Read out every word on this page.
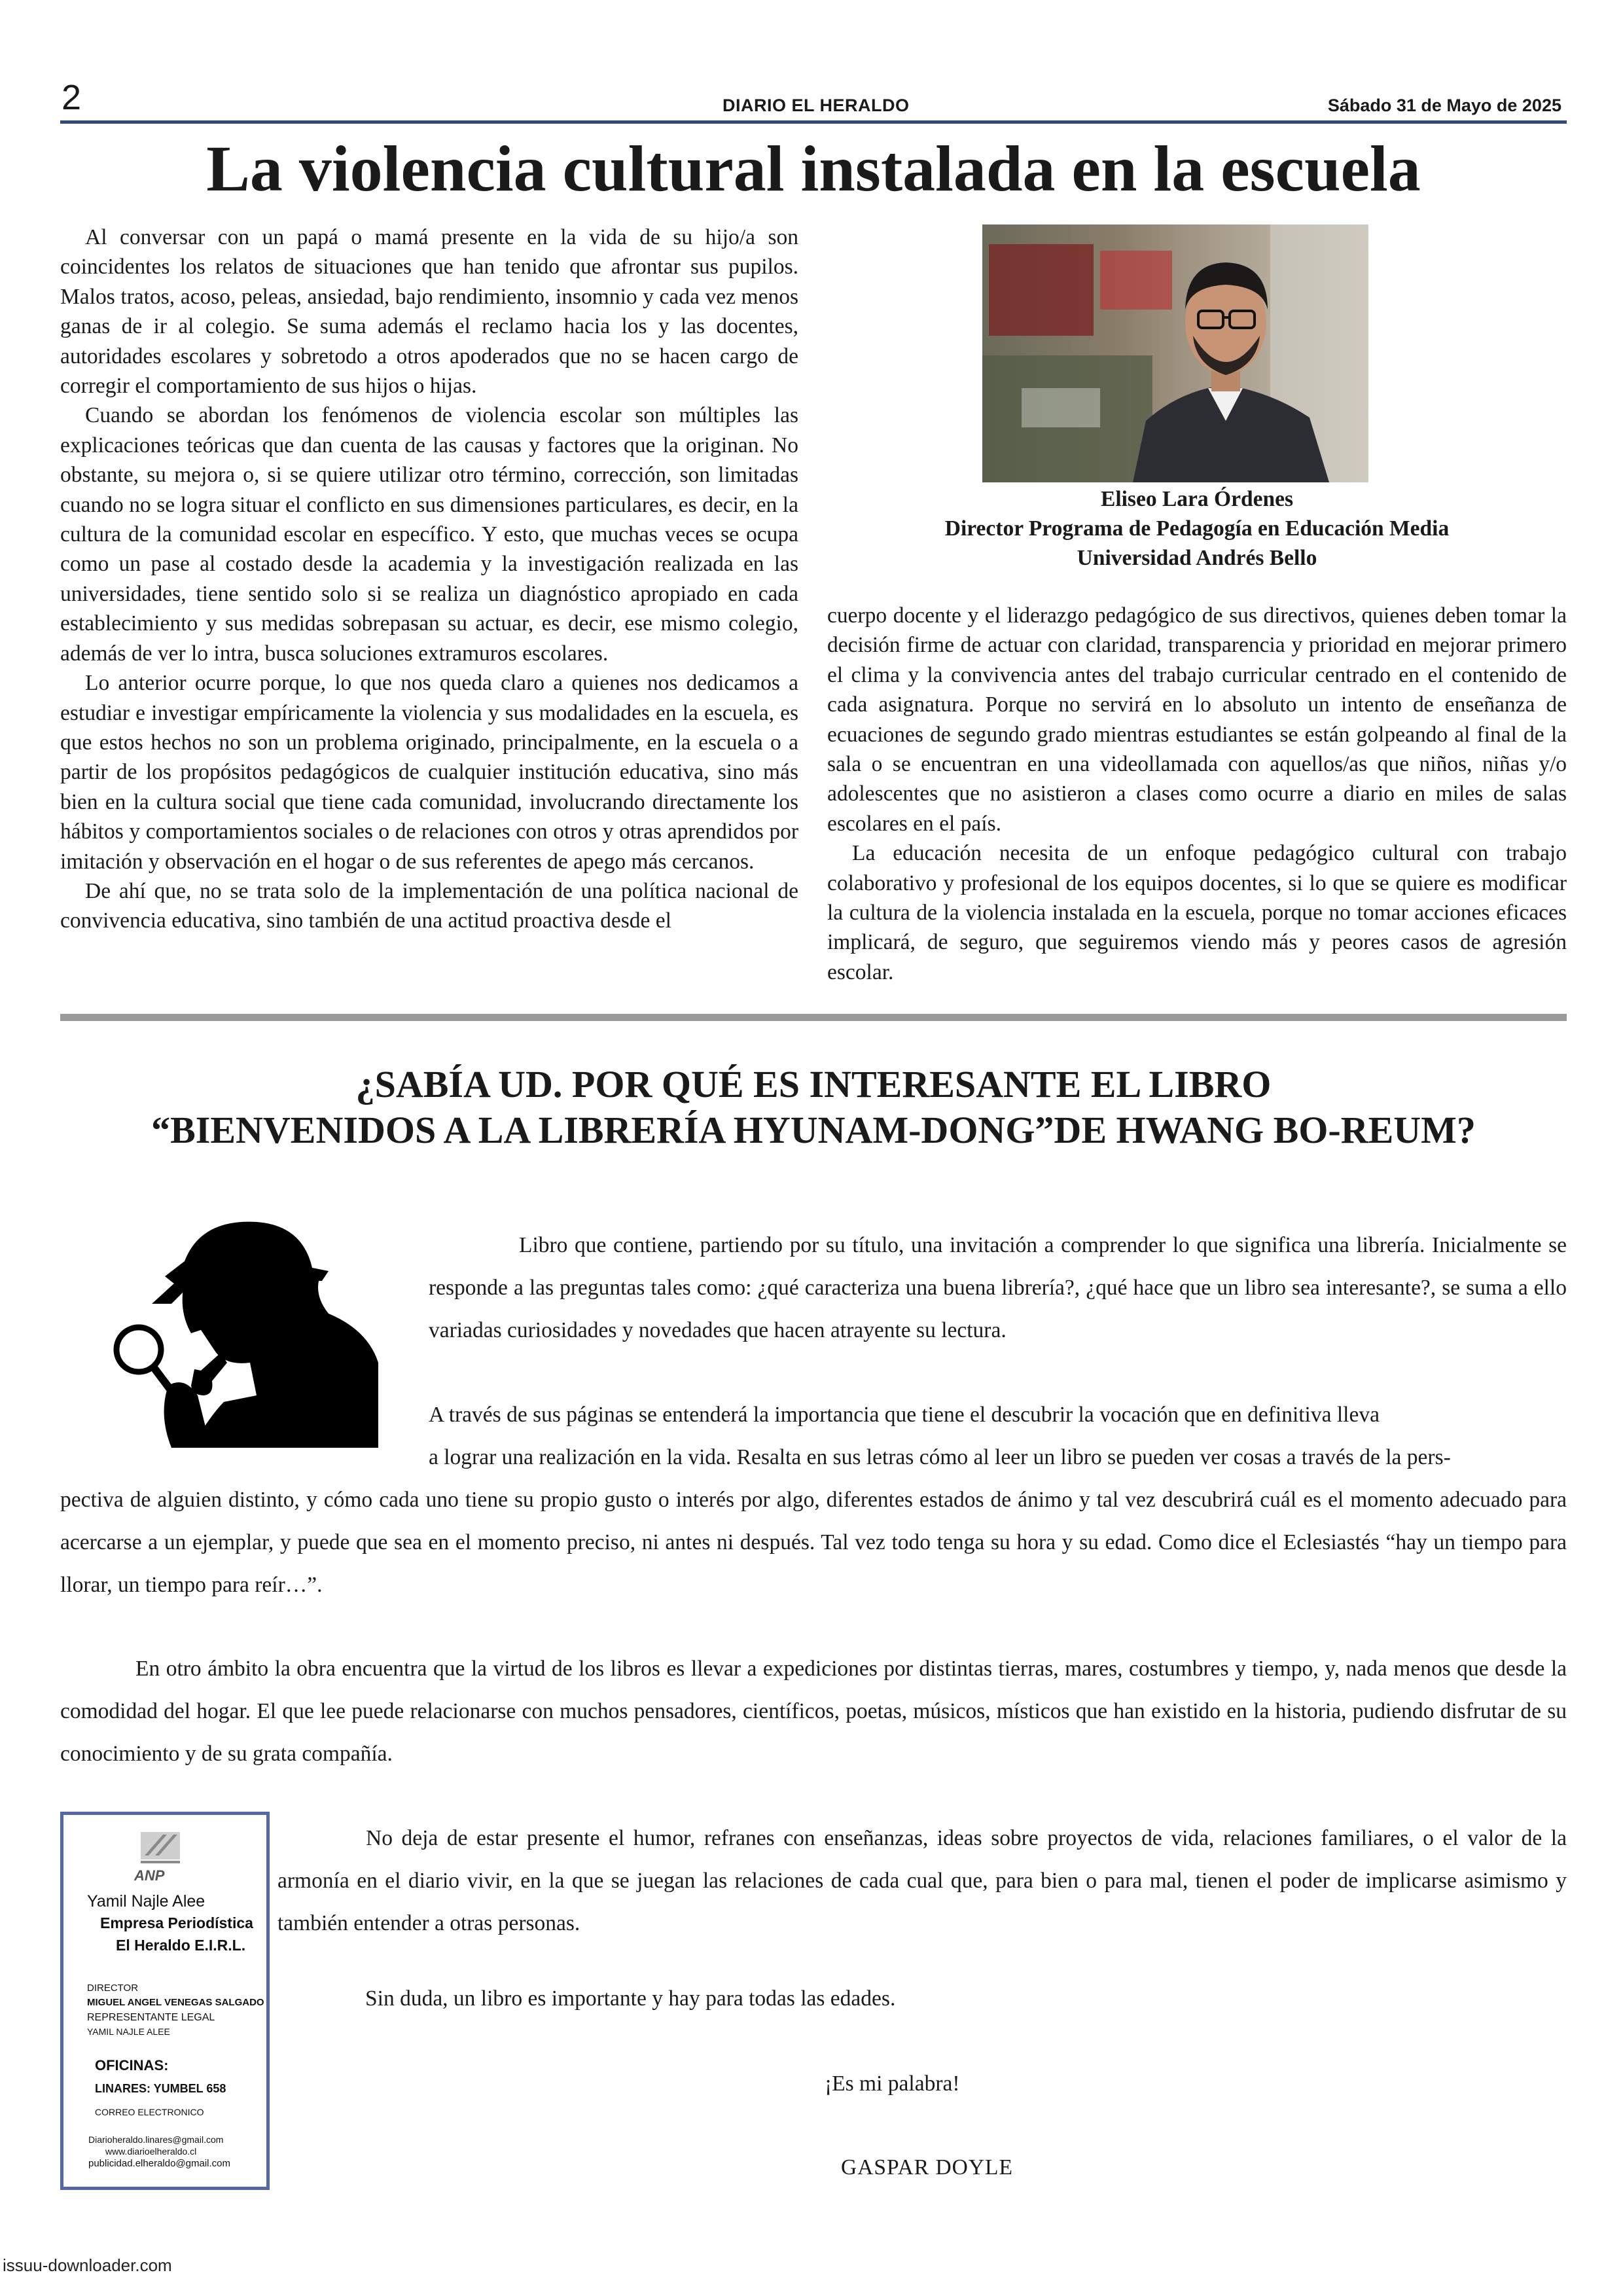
2	DIARIO EL HERALDO	Sábado 31 de Mayo de 2025
La violencia cultural instalada en la escuela

Al conversar con un papá o mamá presente en la vida de su hijo/a son coincidentes los relatos de situaciones que han tenido que afrontar sus pupilos. Malos tratos, acoso, peleas, ansiedad, bajo rendimiento, insomnio y cada vez menos ganas de ir al colegio. Se suma además el reclamo hacia los y las docentes, autoridades escolares y sobretodo a otros apoderados que no se hacen cargo de corregir el comportamiento de sus hijos o hijas.

Cuando se abordan los fenómenos de violencia escolar son múltiples las explicaciones teóricas que dan cuenta de las causas y factores que la originan. No obstante, su mejora o, si se quiere utilizar otro término, corrección, son limitadas cuando no se logra situar el conflicto en sus dimensiones particulares, es decir, en la cultura de la comunidad escolar en específico. Y esto, que muchas veces se ocupa como un pase al costado desde la academia y la investigación realizada en las universidades, tiene sentido solo si se realiza un diagnóstico apropiado en cada establecimiento y sus medidas sobrepasan su actuar, es decir, ese mismo colegio, además de ver lo intra, busca soluciones extramuros escolares.

Lo anterior ocurre porque, lo que nos queda claro a quienes nos dedicamos a estudiar e investigar empíricamente la violencia y sus modalidades en la escuela, es que estos hechos no son un problema originado, principalmente, en la escuela o a partir de los propósitos pedagógicos de cualquier institución educativa, sino más bien en la cultura social que tiene cada comunidad, involucrando directamente los hábitos y comportamientos sociales o de relaciones con otros y otras aprendidos por imitación y observación en el hogar o de sus referentes de apego más cercanos.

De ahí que, no se trata solo de la implementación de una política nacional de convivencia educativa, sino también de una actitud proactiva desde el

Eliseo Lara Órdenes
Director Programa de Pedagogía en Educación Media
Universidad Andrés Bello

cuerpo docente y el liderazgo pedagógico de sus directivos, quienes deben tomar la decisión firme de actuar con claridad, transparencia y prioridad en mejorar primero el clima y la convivencia antes del trabajo curricular centrado en el contenido de cada asignatura. Porque no servirá en lo absoluto un intento de enseñanza de ecuaciones de segundo grado mientras estudiantes se están golpeando al final de la sala o se encuentran en una videollamada con aquellos/as que niños, niñas y/o adolescentes que no asistieron a clases como ocurre a diario en miles de salas escolares en el país.

La educación necesita de un enfoque pedagógico cultural con trabajo colaborativo y profesional de los equipos docentes, si lo que se quiere es modificar la cultura de la violencia instalada en la escuela, porque no tomar acciones eficaces implicará, de seguro, que seguiremos viendo más y peores casos de agresión escolar.

¿SABÍA UD. POR QUÉ ES INTERESANTE EL LIBRO
“BIENVENIDOS A LA LIBRERÍA HYUNAM-DONG”DE HWANG BO-REUM?
Libro que contiene, partiendo por su título, una invitación a comprender lo que significa una librería. Inicialmente se responde a las preguntas tales como: ¿qué caracteriza una buena librería?, ¿qué hace que un libro sea interesante?, se suma a ello variadas curiosidades y novedades que hacen atrayente su lectura.
A través de sus páginas se entenderá la importancia que tiene el descubrir la vocación que en definitiva lleva
a lograr una realización en la vida. Resalta en sus letras cómo al leer un libro se pueden ver cosas a través de la pers-
pectiva de alguien distinto, y cómo cada uno tiene su propio gusto o interés por algo, diferentes estados de ánimo y tal vez descubrirá cuál es el momento adecuado para acercarse a un ejemplar, y puede que sea en el momento preciso, ni antes ni después. Tal vez todo tenga su hora y su edad. Como dice el Eclesiastés “hay un tiempo para llorar, un tiempo para reír…”.
En otro ámbito la obra encuentra que la virtud de los libros es llevar a expediciones por distintas tierras, mares, costumbres y tiempo, y, nada menos que desde la comodidad del hogar. El que lee puede relacionarse con muchos pensadores, científicos, poetas, músicos, místicos que han existido en la historia, pudiendo disfrutar de su conocimiento y de su grata compañía.
No deja de estar presente el humor, refranes con enseñanzas, ideas sobre proyectos de vida, relaciones familiares, o el valor de la armonía en el diario vivir, en la que se juegan las relaciones de cada cual que, para bien o para mal, tienen el poder de implicarse asimismo y también entender a otras personas.
Sin duda, un libro es importante y hay para todas las edades.
¡Es mi palabra!
GASPAR DOYLE
ANP
Yamil Najle Alee
Empresa Periodística
El Heraldo E.I.R.L.
DIRECTOR
MIGUEL ANGEL VENEGAS SALGADO
REPRESENTANTE LEGAL
YAMIL NAJLE ALEE
OFICINAS:
LINARES: YUMBEL 658
CORREO ELECTRONICO
Diarioheraldo.linares@gmail.com
www.diarioelheraldo.cl
publicidad.elheraldo@gmail.com
issuu-downloader.com
